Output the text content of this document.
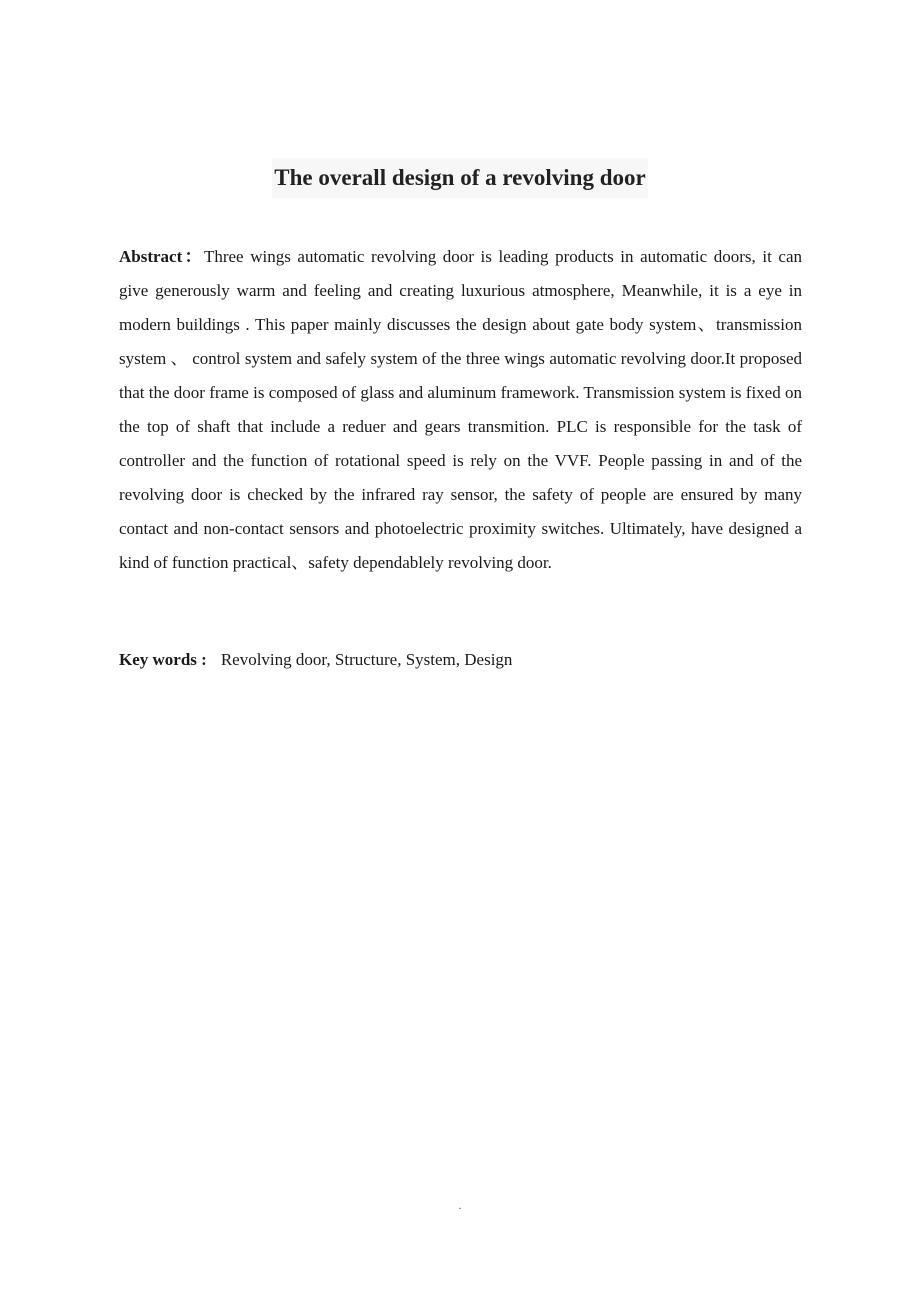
The overall design of a revolving door

Abstract：Three wings automatic revolving door is leading products in automatic doors, it can give generously warm and feeling and creating luxurious atmosphere, Meanwhile, it is a eye in modern buildings . This paper mainly discusses the design about gate body system、transmission system 、 control system and safely system of the three wings automatic revolving door.It proposed that the door frame is composed of glass and aluminum framework. Transmission system is fixed on the top of shaft that include a reduer and gears transmition. PLC is responsible for the task of controller and the function of rotational speed is rely on the VVF. People passing in and of the revolving door is checked by the infrared ray sensor, the safety of people are ensured by many contact and non-contact sensors and photoelectric proximity switches. Ultimately, have designed a kind of function practical、safety dependablely revolving door.

Key words : Revolving door, Structure, System, Design

.
